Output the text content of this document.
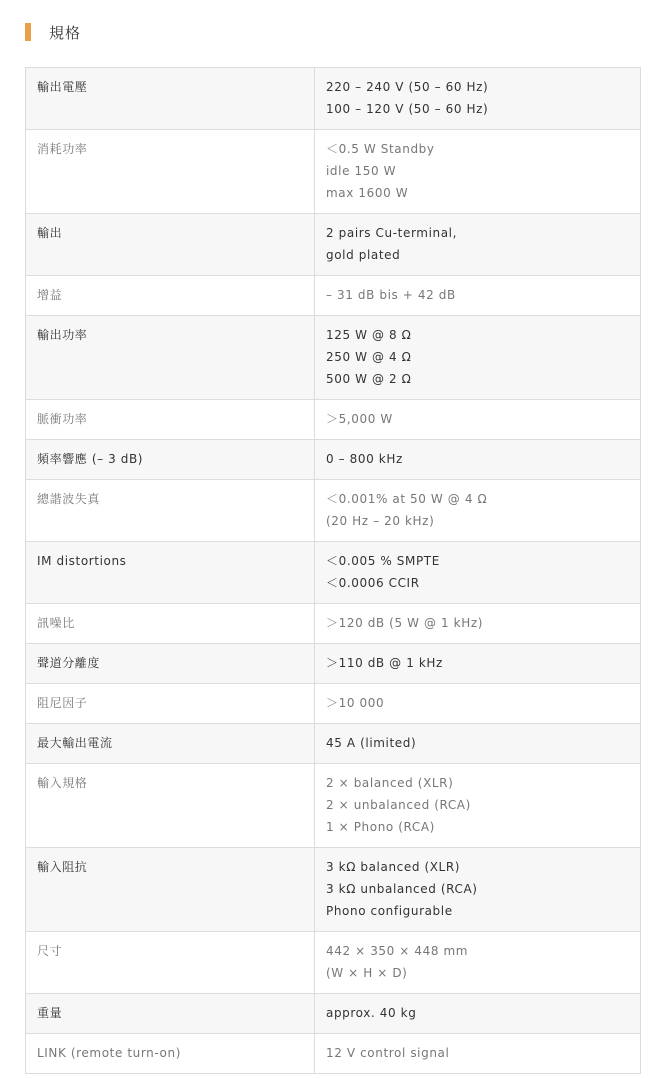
規格
輸出電壓	220 – 240 V (50 – 60 Hz)
100 – 120 V (50 – 60 Hz)

消耗功率	＜0.5 W Standby
idle 150 W
max 1600 W

輸出	2 pairs Cu-terminal,
gold plated

增益	– 31 dB bis + 42 dB

輸出功率	125 W @ 8 Ω
250 W @ 4 Ω
500 W @ 2 Ω

脈衝功率	＞5,000 W

頻率響應 (– 3 dB)	0 – 800 kHz

總諧波失真	＜0.001% at 50 W @ 4 Ω
(20 Hz – 20 kHz)

IM distortions	＜0.005 % SMPTE
＜0.0006 CCIR

訊噪比	＞120 dB (5 W @ 1 kHz)

聲道分離度	＞110 dB @ 1 kHz

阻尼因子	＞10 000

最大輸出電流	45 A (limited)

輸入規格	2 × balanced (XLR)
2 × unbalanced (RCA)
1 × Phono (RCA)

輸入阻抗	3 kΩ balanced (XLR)
3 kΩ unbalanced (RCA)
Phono configurable

尺寸	442 × 350 × 448 mm
(W × H × D)

重量	approx. 40 kg

LINK (remote turn-on)	12 V control signal
